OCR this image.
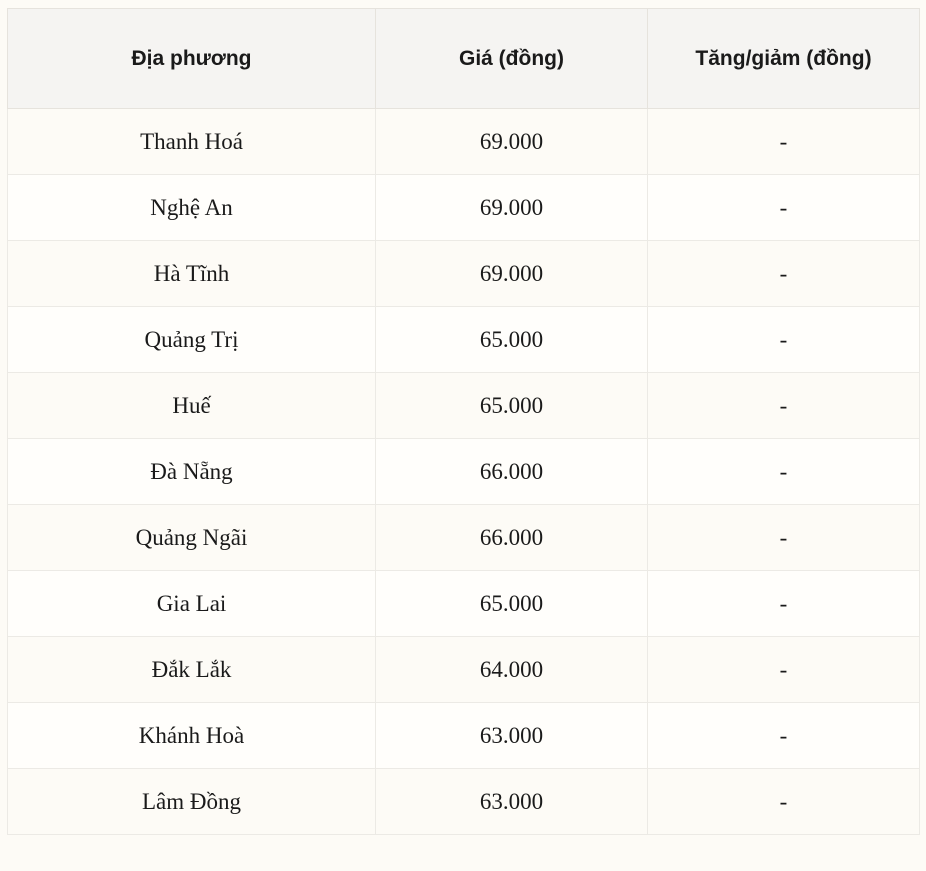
Địa phương	Giá (đồng)	Tăng/giảm (đồng)
Thanh Hoá	69.000	-
Nghệ An	69.000	-
Hà Tĩnh	69.000	-
Quảng Trị	65.000	-
Huế	65.000	-
Đà Nẵng	66.000	-
Quảng Ngãi	66.000	-
Gia Lai	65.000	-
Đắk Lắk	64.000	-
Khánh Hoà	63.000	-
Lâm Đồng	63.000	-
